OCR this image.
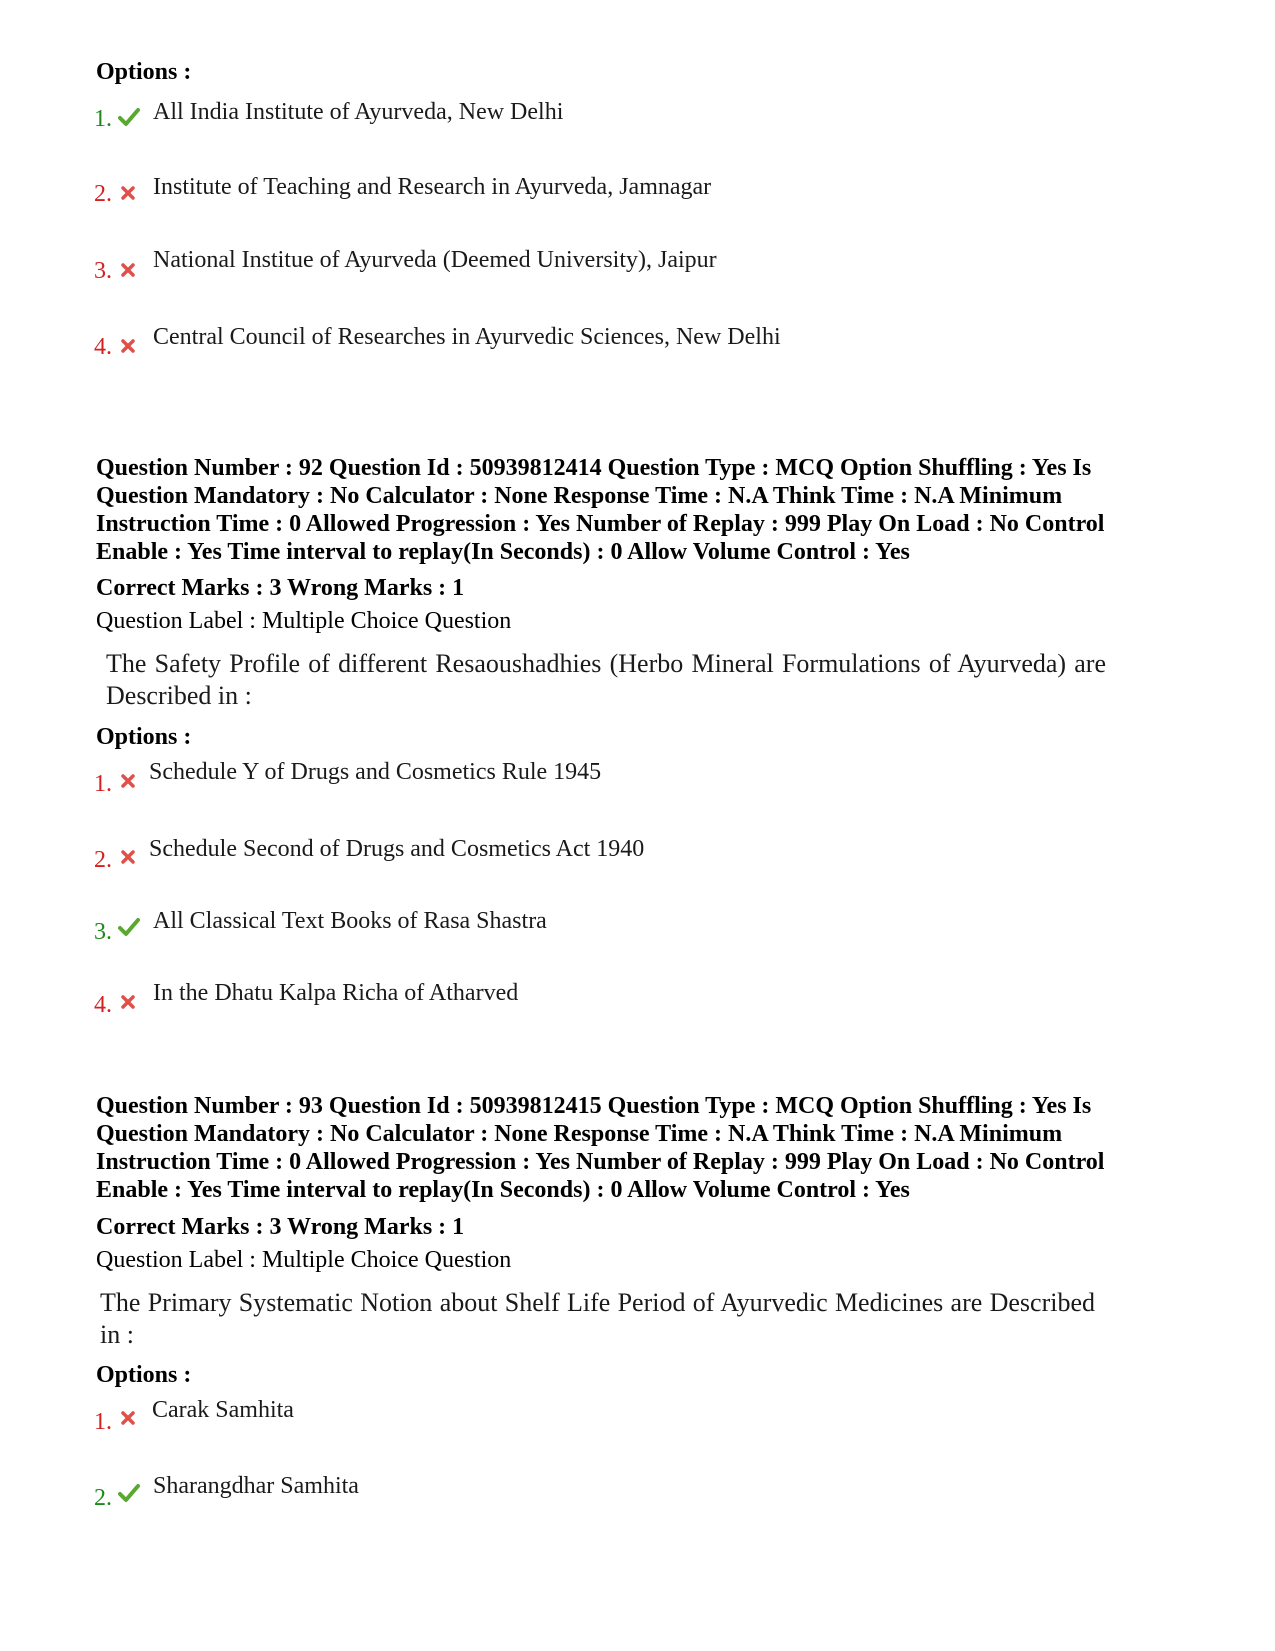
Options :
1. All India Institute of Ayurveda, New Delhi
2. Institute of Teaching and Research in Ayurveda, Jamnagar
3. National Institue of Ayurveda (Deemed University), Jaipur
4. Central Council of Researches in Ayurvedic Sciences, New Delhi
Question Number : 92 Question Id : 50939812414 Question Type : MCQ Option Shuffling : Yes Is
Question Mandatory : No Calculator : None Response Time : N.A Think Time : N.A Minimum
Instruction Time : 0 Allowed Progression : Yes Number of Replay : 999 Play On Load : No Control
Enable : Yes Time interval to replay(In Seconds) : 0 Allow Volume Control : Yes
Correct Marks : 3 Wrong Marks : 1
Question Label : Multiple Choice Question
The Safety Profile of different Resaoushadhies (Herbo Mineral Formulations of Ayurveda) are Described in :
Options :
1. Schedule Y of Drugs and Cosmetics Rule 1945
2. Schedule Second of Drugs and Cosmetics Act 1940
3. All Classical Text Books of Rasa Shastra
4. In the Dhatu Kalpa Richa of Atharved
Question Number : 93 Question Id : 50939812415 Question Type : MCQ Option Shuffling : Yes Is
Question Mandatory : No Calculator : None Response Time : N.A Think Time : N.A Minimum
Instruction Time : 0 Allowed Progression : Yes Number of Replay : 999 Play On Load : No Control
Enable : Yes Time interval to replay(In Seconds) : 0 Allow Volume Control : Yes
Correct Marks : 3 Wrong Marks : 1
Question Label : Multiple Choice Question
The Primary Systematic Notion about Shelf Life Period of Ayurvedic Medicines are Described in :
Options :
1. Carak Samhita
2. Sharangdhar Samhita
